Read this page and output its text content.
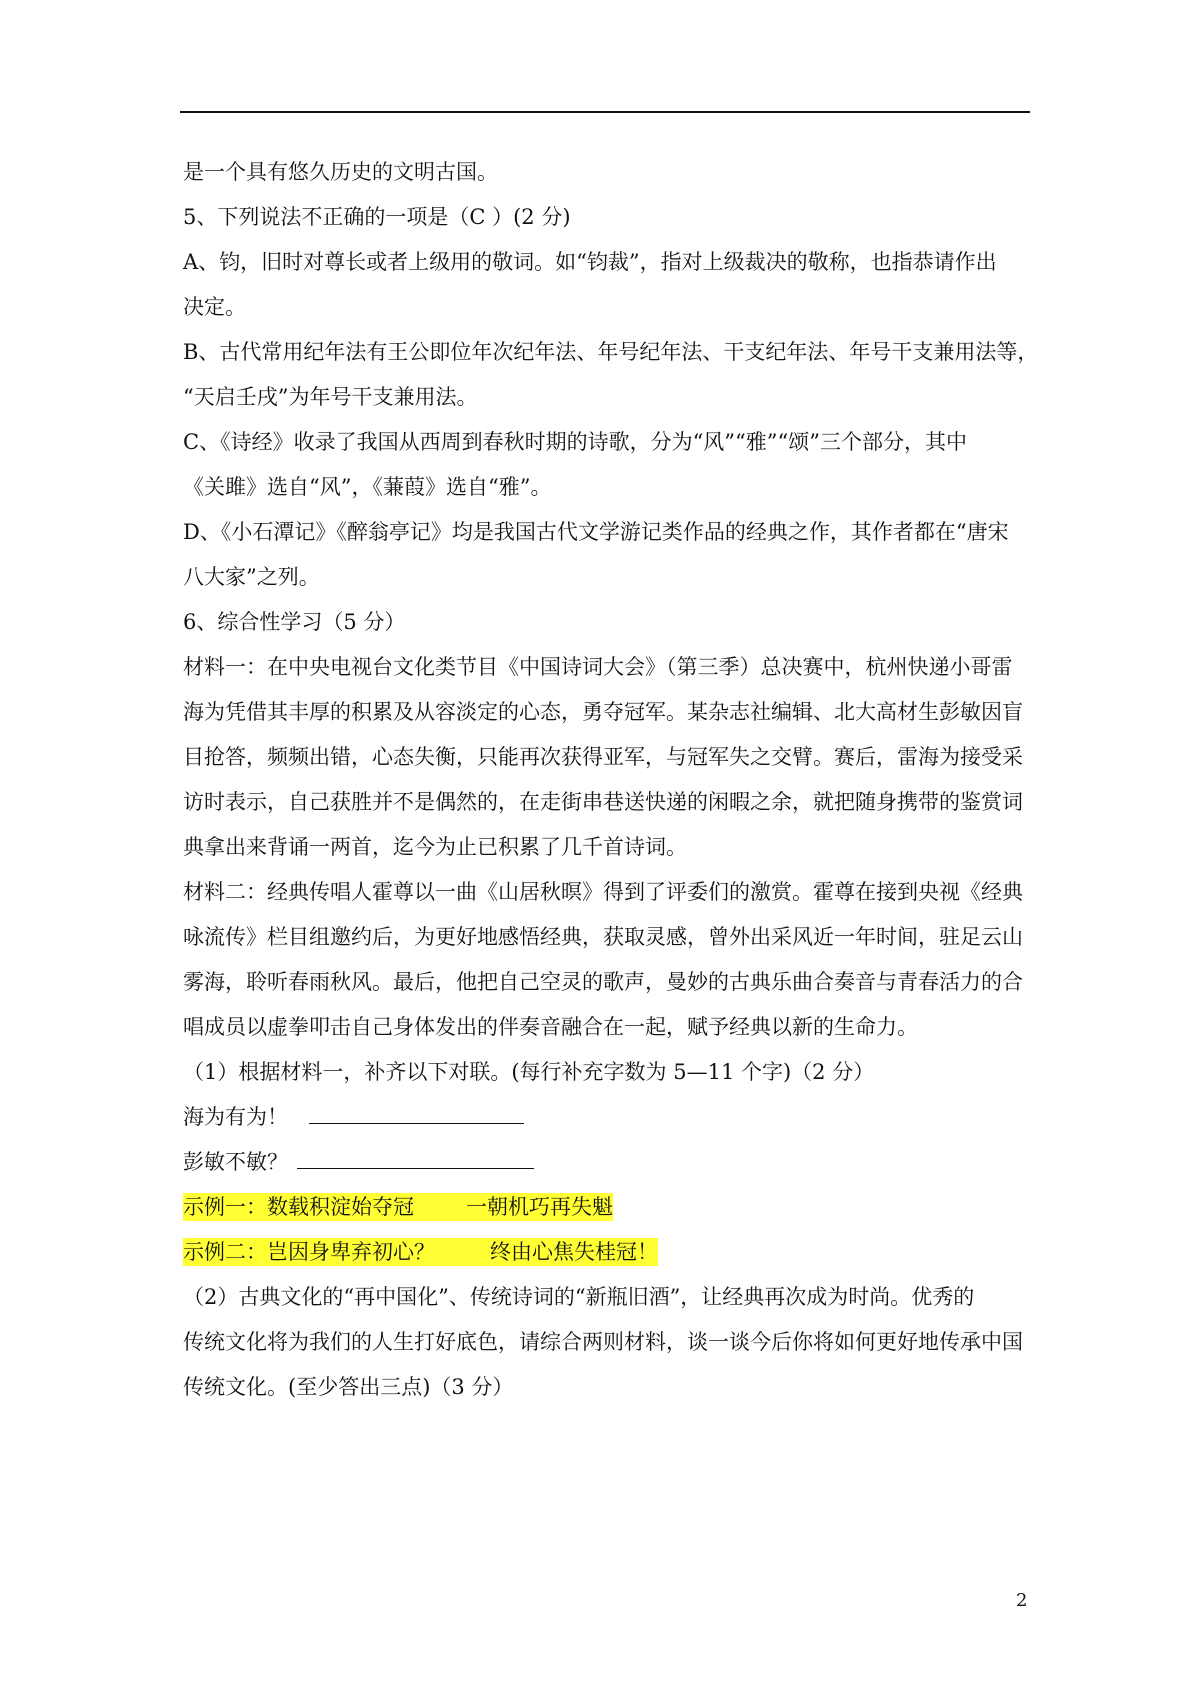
是一个具有悠久历史的文明古国。
5、下列说法不正确的一项是（C ）(2 分)
A、钧，旧时对尊长或者上级用的敬词。如“钧裁”，指对上级裁决的敬称，也指恭请作出
决定。
B、古代常用纪年法有王公即位年次纪年法、年号纪年法、干支纪年法、年号干支兼用法等，
“天启壬戌”为年号干支兼用法。
C、《诗经》收录了我国从西周到春秋时期的诗歌，分为“风”“雅”“颂”三个部分，其中
《关雎》选自“风”，《蒹葭》选自“雅”。
D、《小石潭记》《醉翁亭记》均是我国古代文学游记类作品的经典之作，其作者都在“唐宋
八大家”之列。
6、综合性学习（5 分）
材料一：在中央电视台文化类节目《中国诗词大会》（第三季）总决赛中，杭州快递小哥雷
海为凭借其丰厚的积累及从容淡定的心态，勇夺冠军。某杂志社编辑、北大高材生彭敏因盲
目抢答，频频出错，心态失衡，只能再次获得亚军，与冠军失之交臂。赛后，雷海为接受采
访时表示，自己获胜并不是偶然的，在走街串巷送快递的闲暇之余，就把随身携带的鉴赏词
典拿出来背诵一两首，迄今为止已积累了几千首诗词。
材料二：经典传唱人霍尊以一曲《山居秋暝》得到了评委们的激赏。霍尊在接到央视《经典
咏流传》栏目组邀约后，为更好地感悟经典，获取灵感，曾外出采风近一年时间，驻足云山
雾海，聆听春雨秋风。最后，他把自己空灵的歌声，曼妙的古典乐曲合奏音与青春活力的合
唱成员以虚拳叩击自己身体发出的伴奏音融合在一起，赋予经典以新的生命力。
（1）根据材料一，补齐以下对联。(每行补充字数为 5—11 个字)（2 分）
海为有为！
彭敏不敏？
示例一：数载积淀始夺冠 一朝机巧再失魁
示例二：岂因身卑弃初心？	终由心焦失桂冠！
（2）古典文化的“再中国化”、传统诗词的“新瓶旧酒”，让经典再次成为时尚。优秀的
传统文化将为我们的人生打好底色，请综合两则材料，谈一谈今后你将如何更好地传承中国
传统文化。(至少答出三点)（3 分）
2
